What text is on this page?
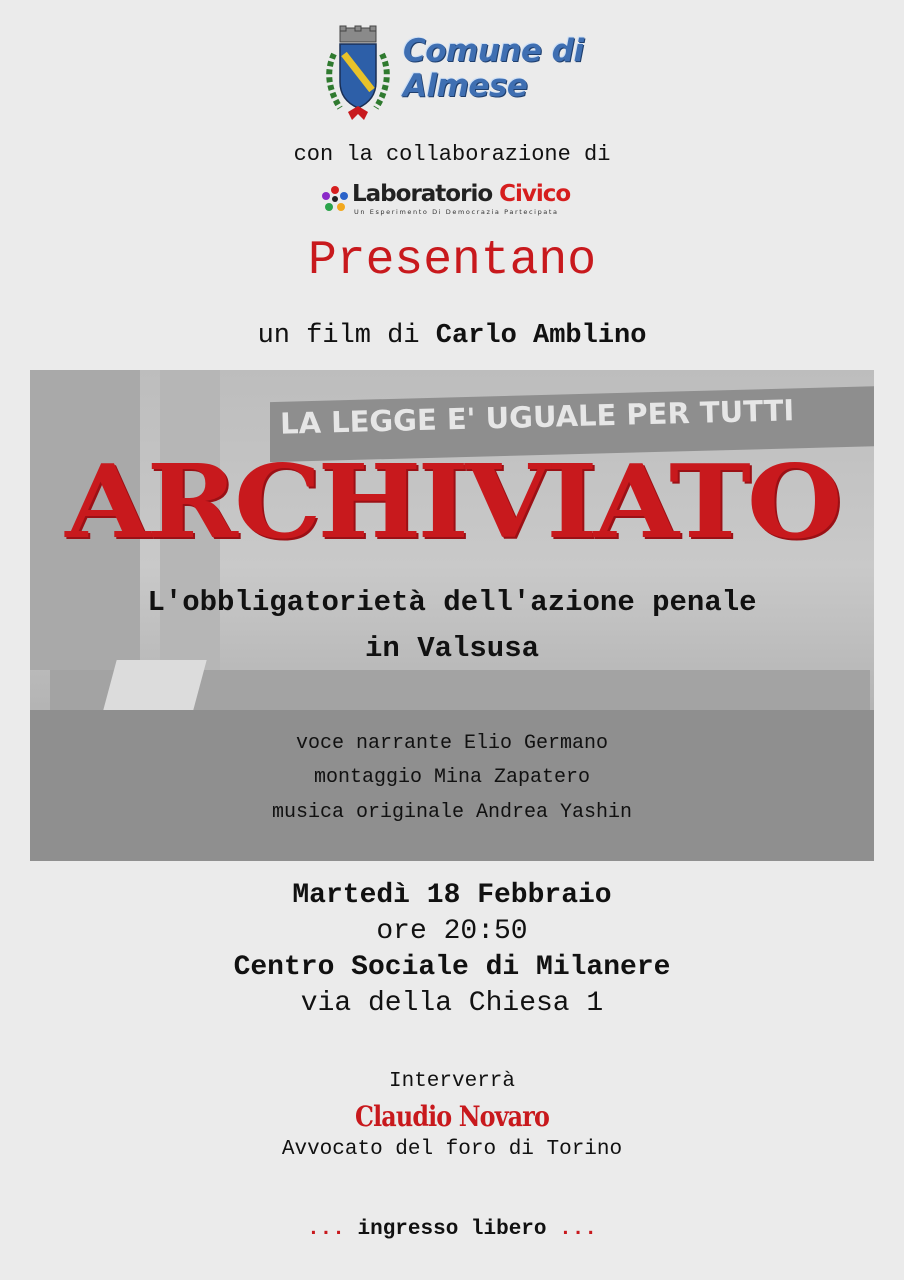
Comune di
Almese
con la collaborazione di
Laboratorio Civico
Un Esperimento Di Democrazia Partecipata
Presentano
un film di Carlo Amblino
LA LEGGE E' UGUALE PER TUTTI
ARCHIVIATO
L'obbligatorietà dell'azione penale
in Valsusa
voce narrante Elio Germano
montaggio Mina Zapatero
musica originale Andrea Yashin
Martedì 18 Febbraio
ore 20:50
Centro Sociale di Milanere
via della Chiesa 1
Interverrà
Claudio Novaro
Avvocato del foro di Torino
... ingresso libero ...
